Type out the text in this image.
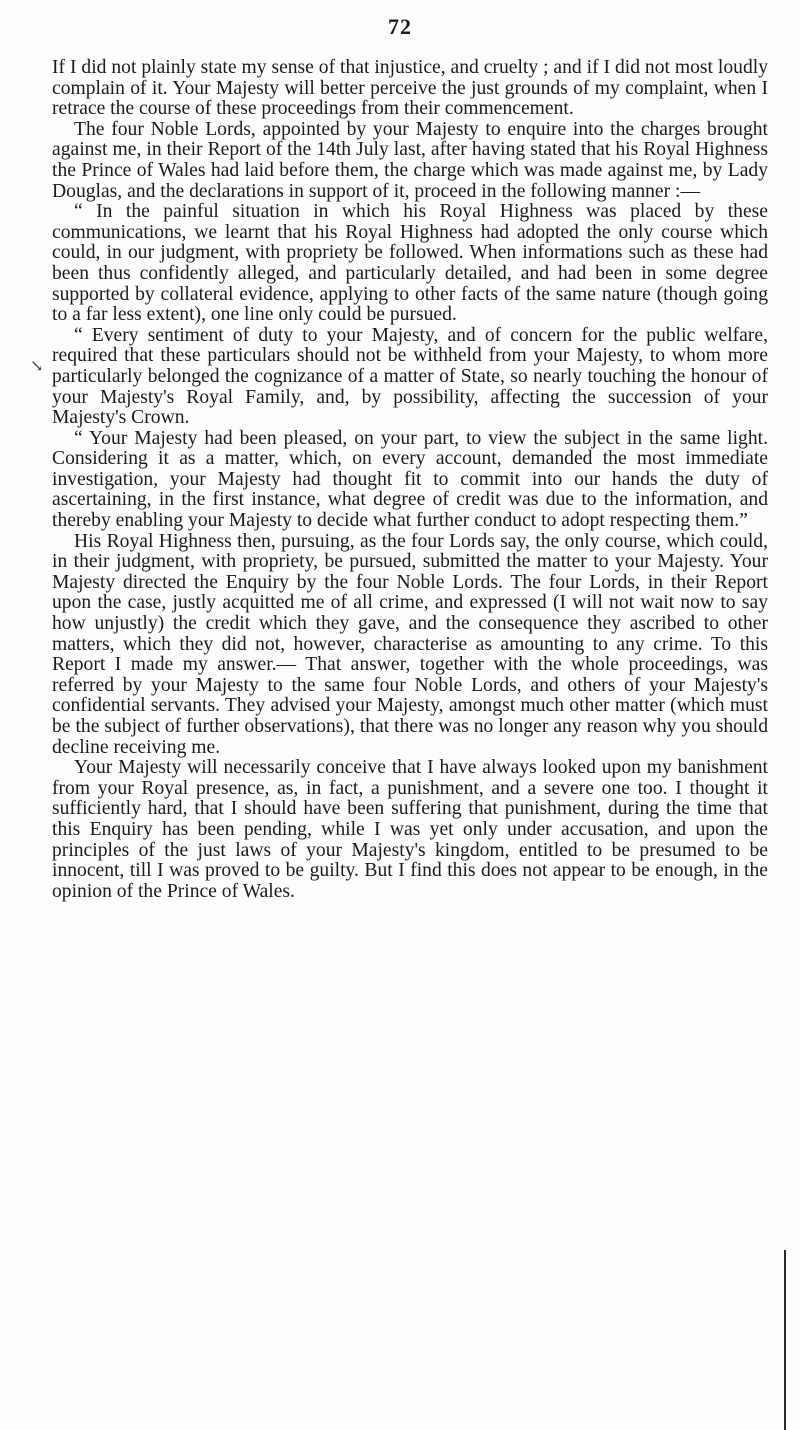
72
↘

If I did not plainly state my sense of that injustice, and cruelty ; and if I did not most loudly complain of it. Your Majesty will better perceive the just grounds of my complaint, when I retrace the course of these proceedings from their commencement.

The four Noble Lords, appointed by your Majesty to enquire into the charges brought against me, in their Report of the 14th July last, after having stated that his Royal Highness the Prince of Wales had laid before them, the charge which was made against me, by Lady Douglas, and the declarations in support of it, proceed in the following manner :—

“ In the painful situation in which his Royal Highness was placed by these communications, we learnt that his Royal Highness had adopted the only course which could, in our judgment, with propriety be followed. When informations such as these had been thus confidently alleged, and particularly detailed, and had been in some degree supported by collateral evidence, applying to other facts of the same nature (though going to a far less extent), one line only could be pursued.

“ Every sentiment of duty to your Majesty, and of concern for the public welfare, required that these particulars should not be withheld from your Majesty, to whom more particularly belonged the cognizance of a matter of State, so nearly touching the honour of your Majesty's Royal Family, and, by possibility, affecting the succession of your Majesty's Crown.

“ Your Majesty had been pleased, on your part, to view the subject in the same light. Considering it as a matter, which, on every account, demanded the most immediate investigation, your Majesty had thought fit to commit into our hands the duty of ascertaining, in the first instance, what degree of credit was due to the information, and thereby enabling your Majesty to decide what further conduct to adopt respecting them.”

His Royal Highness then, pursuing, as the four Lords say, the only course, which could, in their judgment, with propriety, be pursued, submitted the matter to your Majesty. Your Majesty directed the Enquiry by the four Noble Lords. The four Lords, in their Report upon the case, justly acquitted me of all crime, and expressed (I will not wait now to say how unjustly) the credit which they gave, and the consequence they ascribed to other matters, which they did not, however, characterise as amounting to any crime. To this Report I made my answer.— That answer, together with the whole proceedings, was referred by your Majesty to the same four Noble Lords, and others of your Majesty's confidential servants. They advised your Majesty, amongst much other matter (which must be the subject of further observations), that there was no longer any reason why you should decline receiving me.

Your Majesty will necessarily conceive that I have always looked upon my banishment from your Royal presence, as, in fact, a punishment, and a severe one too. I thought it sufficiently hard, that I should have been suffering that punishment, during the time that this Enquiry has been pending, while I was yet only under accusation, and upon the principles of the just laws of your Majesty's kingdom, entitled to be presumed to be innocent, till I was proved to be guilty. But I find this does not appear to be enough, in the opinion of the Prince of Wales.
